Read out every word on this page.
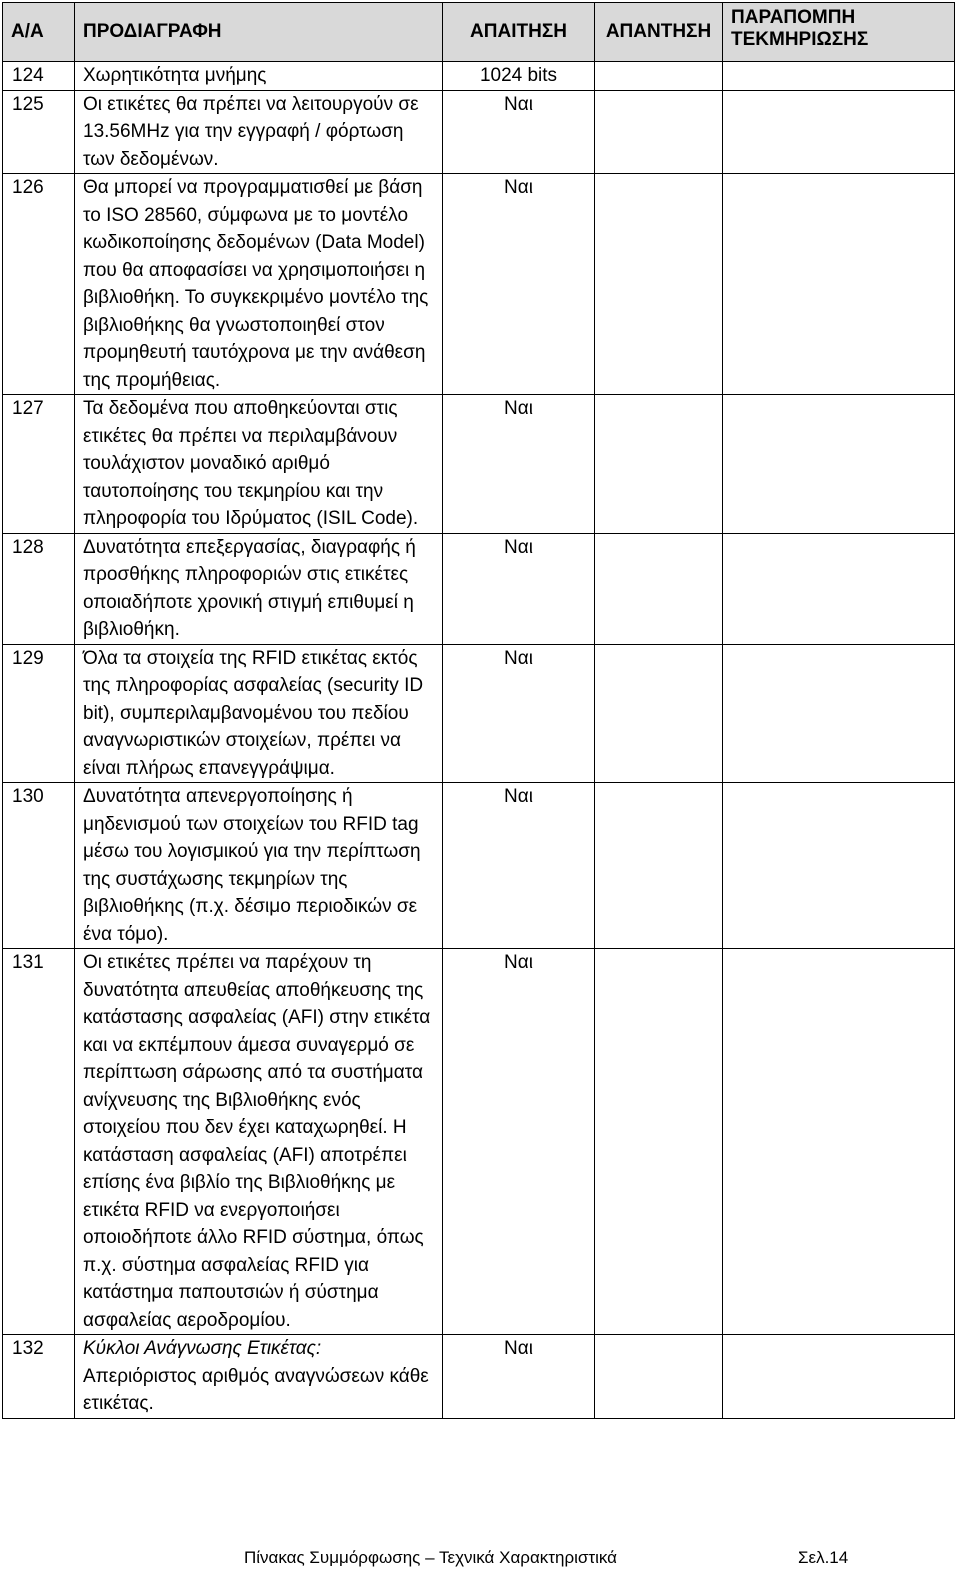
Α/Α	ΠΡΟΔΙΑΓΡΑΦΗ	ΑΠΑΙΤΗΣΗ	ΑΠΑΝΤΗΣΗ	ΠΑΡΑΠΟΜΠΗ
ΤΕΚΜΗΡΙΩΣΗΣ

124	Χωρητικότητα μνήμης	1024 bits		
125	Οι ετικέτες θα πρέπει να λειτουργούν σε 13.56MHz για την εγγραφή / φόρτωση των δεδομένων.	Ναι		
126	Θα μπορεί να προγραμματισθεί με βάση το ISO 28560, σύμφωνα με το μοντέλο κωδικοποίησης δεδομένων (Data Model) που θα αποφασίσει να χρησιμοποιήσει η βιβλιοθήκη. Το συγκεκριμένο μοντέλο της βιβλιοθήκης θα γνωστοποιηθεί στον προμηθευτή ταυτόχρονα με την ανάθεση της προμήθειας.	Ναι		
127	Τα δεδομένα που αποθηκεύονται στις ετικέτες θα πρέπει να περιλαμβάνουν τουλάχιστον μοναδικό αριθμό ταυτοποίησης του τεκμηρίου και την πληροφορία του Ιδρύματος (ISIL Code).	Ναι		
128	Δυνατότητα επεξεργασίας, διαγραφής ή προσθήκης πληροφοριών στις ετικέτες οποιαδήποτε χρονική στιγμή επιθυμεί η βιβλιοθήκη.	Ναι		
129	Όλα τα στοιχεία της RFID ετικέτας εκτός της πληροφορίας ασφαλείας (security ID bit), συμπεριλαμβανομένου του πεδίου αναγνωριστικών στοιχείων, πρέπει να είναι πλήρως επανεγγράψιμα.	Ναι		
130	Δυνατότητα απενεργοποίησης ή μηδενισμού των στοιχείων του RFID tag μέσω του λογισμικού για την περίπτωση της συστάχωσης τεκμηρίων της βιβλιοθήκης (π.χ. δέσιμο περιοδικών σε ένα τόμο).	Ναι		
131	Οι ετικέτες πρέπει να παρέχουν τη δυνατότητα απευθείας αποθήκευσης της κατάστασης ασφαλείας (AFI) στην ετικέτα και να εκπέμπουν άμεσα συναγερμό σε περίπτωση σάρωσης από τα συστήματα ανίχνευσης της Βιβλιοθήκης ενός στοιχείου που δεν έχει καταχωρηθεί. Η κατάσταση ασφαλείας (AFI) αποτρέπει επίσης ένα βιβλίο της Βιβλιοθήκης με ετικέτα RFID να ενεργοποιήσει οποιοδήποτε άλλο RFID σύστημα, όπως π.χ. σύστημα ασφαλείας RFID για κατάστημα παπουτσιών ή σύστημα ασφαλείας αεροδρομίου.	Ναι		
132	Κύκλοι Ανάγνωσης Ετικέτας:
Απεριόριστος αριθμός αναγνώσεων κάθε ετικέτας.	Ναι		
Πίνακας Συμμόρφωσης – Τεχνικά Χαρακτηριστικά	Σελ.14
